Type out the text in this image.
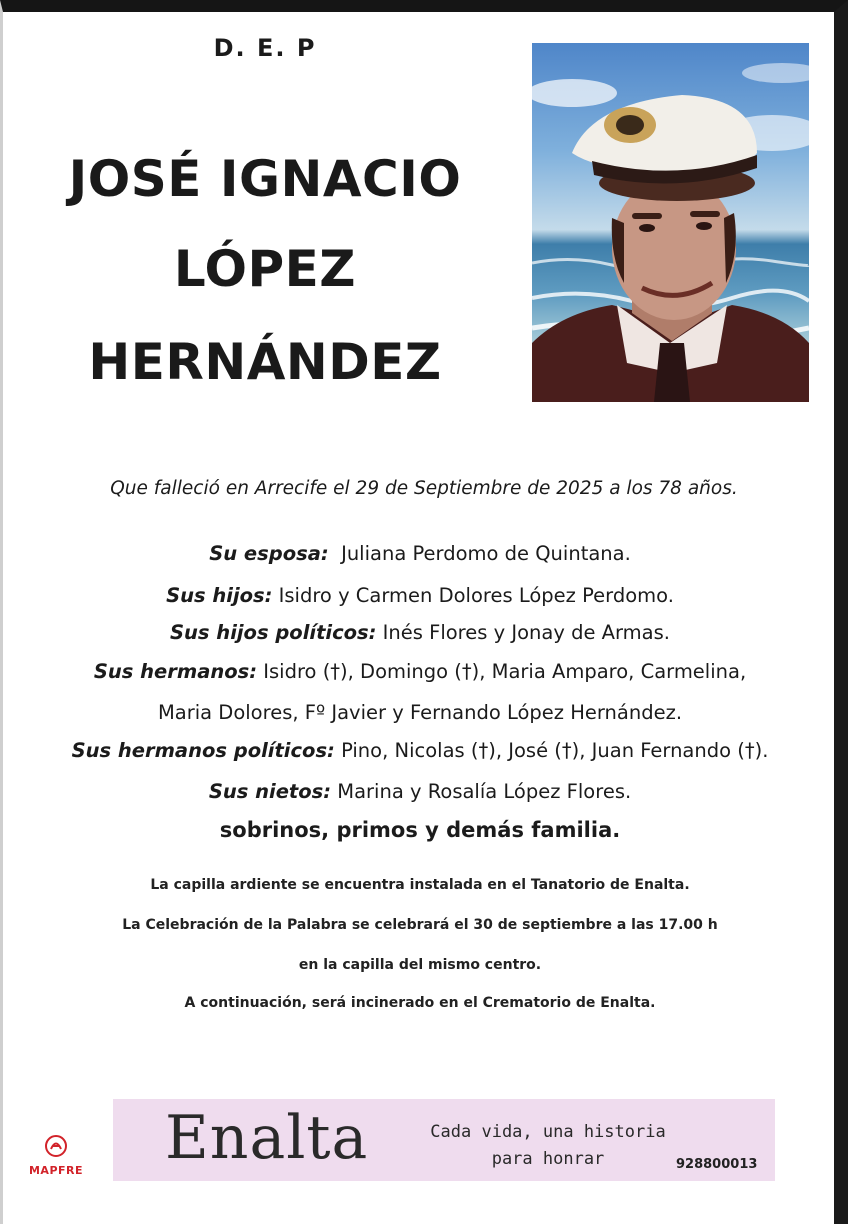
D. E. P
JOSÉ IGNACIO
LÓPEZ
HERNÁNDEZ
Que falleció en Arrecife el 29 de Septiembre de 2025 a los 78 años.
Su esposa: Juliana Perdomo de Quintana.
Sus hijos: Isidro y Carmen Dolores López Perdomo.
Sus hijos políticos: Inés Flores y Jonay de Armas.
Sus hermanos: Isidro (†), Domingo (†), Maria Amparo, Carmelina,
Maria Dolores, Fº Javier y Fernando López Hernández.
Sus hermanos políticos: Pino, Nicolas (†), José (†), Juan Fernando (†).
Sus nietos: Marina y Rosalía López Flores.
sobrinos, primos y demás familia.
La capilla ardiente se encuentra instalada en el Tanatorio de Enalta.
La Celebración de la Palabra se celebrará el 30 de septiembre a las 17.00 h
en la capilla del mismo centro.
A continuación, será incinerado en el Crematorio de Enalta.
MAPFRE	Enalta	Cada vida, una historia
para honrar	928800013
